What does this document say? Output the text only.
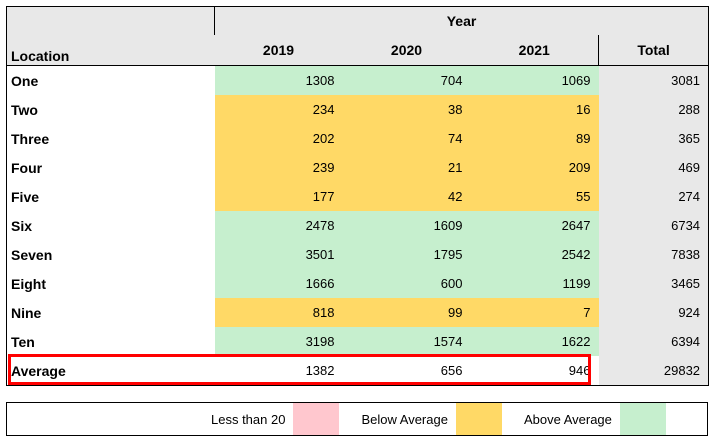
	Year			
Location	2019	2020	2021	Total
One	1308	704	1069	3081
Two	234	38	16	288
Three	202	74	89	365
Four	239	21	209	469
Five	177	42	55	274
Six	2478	1609	2647	6734
Seven	3501	1795	2542	7838
Eight	1666	600	1199	3465
Nine	818	99	7	924
Ten	3198	1574	1622	6394
Average	1382	656	946	29832
Less than 20	Below Average	Above Average
